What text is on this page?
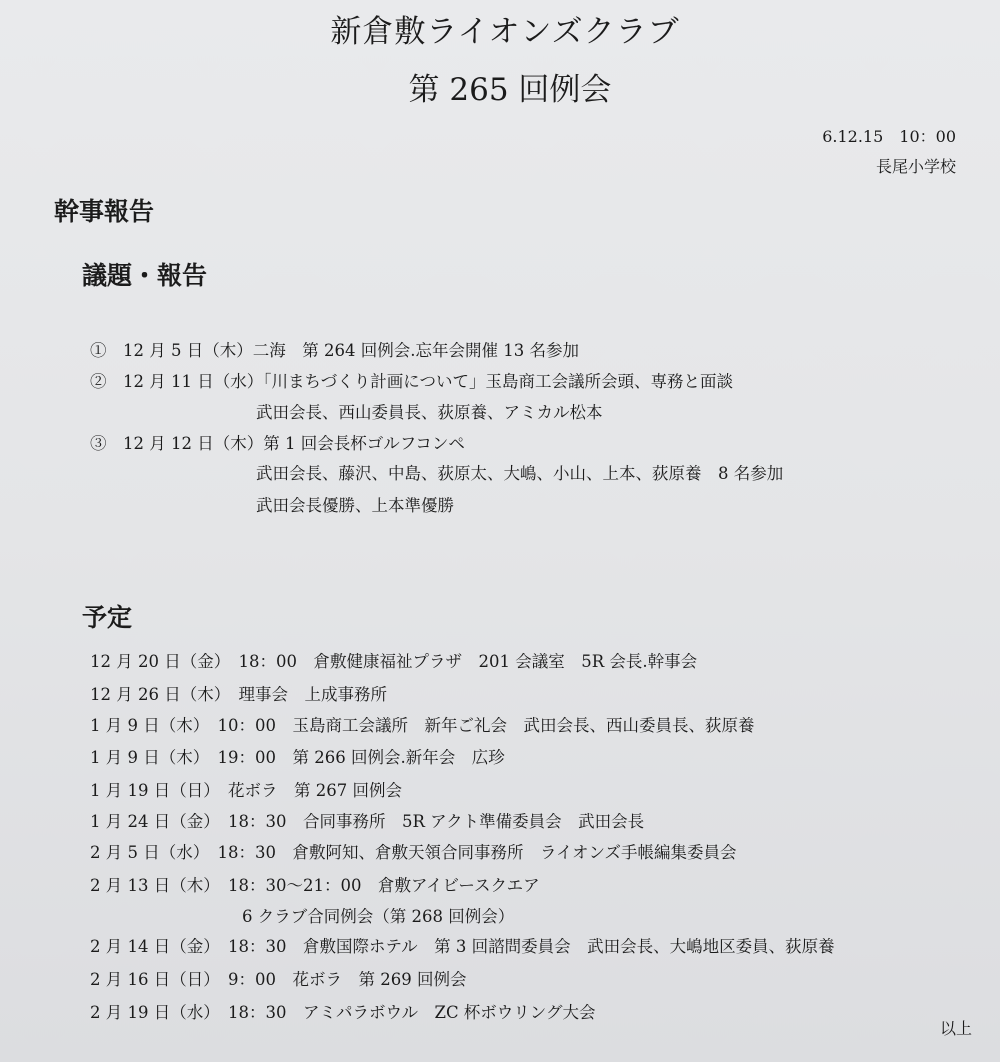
新倉敷ライオンズクラブ
第 265 回例会
6.12.15　10：00
長尾小学校
幹事報告
議題・報告
①　12 月 5 日（木）二海　第 264 回例会.忘年会開催 13 名参加
②　12 月 11 日（水）「川まちづくり計画について」玉島商工会議所会頭、専務と面談
武田会長、西山委員長、荻原養、アミカル松本
③　12 月 12 日（木）第 1 回会長杯ゴルフコンペ
武田会長、藤沢、中島、荻原太、大嶋、小山、上本、荻原養　8 名参加
武田会長優勝、上本準優勝
予定
12 月 20 日（金）　18：00　倉敷健康福祉プラザ　201 会議室　5R 会長.幹事会
12 月 26 日（木）　理事会　上成事務所
1 月 9 日（木）　10：00　玉島商工会議所　新年ご礼会　武田会長、西山委員長、荻原養
1 月 9 日（木）　19：00　第 266 回例会.新年会　広珍
1 月 19 日（日）　花ボラ　第 267 回例会
1 月 24 日（金）　18：30　合同事務所　5R アクト準備委員会　武田会長
2 月 5 日（水）　18：30　倉敷阿知、倉敷天領合同事務所　ライオンズ手帳編集委員会
2 月 13 日（木）　18：30～21：00　倉敷アイビースクエア
6 クラブ合同例会（第 268 回例会）
2 月 14 日（金）　18：30　倉敷国際ホテル　第 3 回諮問委員会　武田会長、大嶋地区委員、荻原養
2 月 16 日（日）　9：00　花ボラ　第 269 回例会
2 月 19 日（水）　18：30　アミパラボウル　ZC 杯ボウリング大会
以上
